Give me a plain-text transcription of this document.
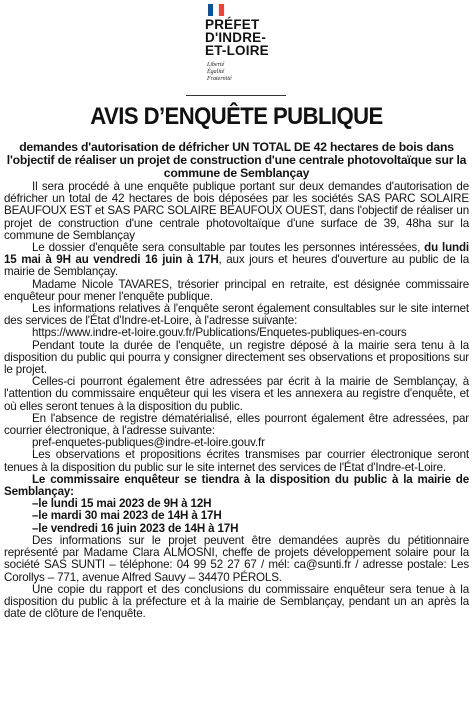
PRÉFET
D'INDRE-
ET-LOIRE
Liberté
Égalité
Fraternité
AVIS D’ENQUÊTE PUBLIQUE
demandes d'autorisation de défricher UN TOTAL DE 42 hectares de bois dans l'objectif de réaliser un projet de construction d'une centrale photovoltaïque sur la commune de Semblançay

Il sera procédé à une enquête publique portant sur deux demandes d'autorisation de défricher un total de 42 hectares de bois déposées par les sociétés SAS PARC SOLAIRE BEAUFOUX EST et SAS PARC SOLAIRE BEAUFOUX OUEST, dans l'objectif de réaliser un projet de construction d'une centrale photovoltaïque d'une surface de 39, 48ha sur la commune de Semblançay

Le dossier d'enquête sera consultable par toutes les personnes intéressées, du lundi 15 mai à 9H au vendredi 16 juin à 17H, aux jours et heures d'ouverture au public de la mairie de Semblançay.

Madame Nicole TAVARES, trésorier principal en retraite, est désignée commissaire enquêteur pour mener l'enquête publique.

Les informations relatives à l'enquête seront également consultables sur le site internet des services de l'État d'Indre-et-Loire, à l'adresse suivante:

https://www.indre-et-loire.gouv.fr/Publications/Enquetes-publiques-en-cours

Pendant toute la durée de l'enquête, un registre déposé à la mairie sera tenu à la disposition du public qui pourra y consigner directement ses observations et propositions sur le projet.

Celles-ci pourront également être adressées par écrit à la mairie de Semblançay, à l'attention du commissaire enquêteur qui les visera et les annexera au registre d'enquête, et où elles seront tenues à la disposition du public.

En l'absence de registre dématérialisé, elles pourront également être adressées, par courrier électronique, à l'adresse suivante:

pref-enquetes-publiques@indre-et-loire.gouv.fr

Les observations et propositions écrites transmises par courrier électronique seront tenues à la disposition du public sur le site internet des services de l'État d'Indre-et-Loire.

Le commissaire enquêteur se tiendra à la disposition du public à la mairie de Semblançay:

–le lundi 15 mai 2023 de 9H à 12H
–le mardi 30 mai 2023 de 14H à 17H
–le vendredi 16 juin 2023 de 14H à 17H

Des informations sur le projet peuvent être demandées auprès du pétitionnaire représenté par Madame Clara ALMOSNI, cheffe de projets développement solaire pour la société SAS SUNTI – téléphone: 04 99 52 27 67 / mél: ca@sunti.fr / adresse postale: Les Corollys – 771, avenue Alfred Sauvy – 34470 PÉROLS.

Une copie du rapport et des conclusions du commissaire enquêteur sera tenue à la disposition du public à la préfecture et à la mairie de Semblançay, pendant un an après la date de clôture de l'enquête.
